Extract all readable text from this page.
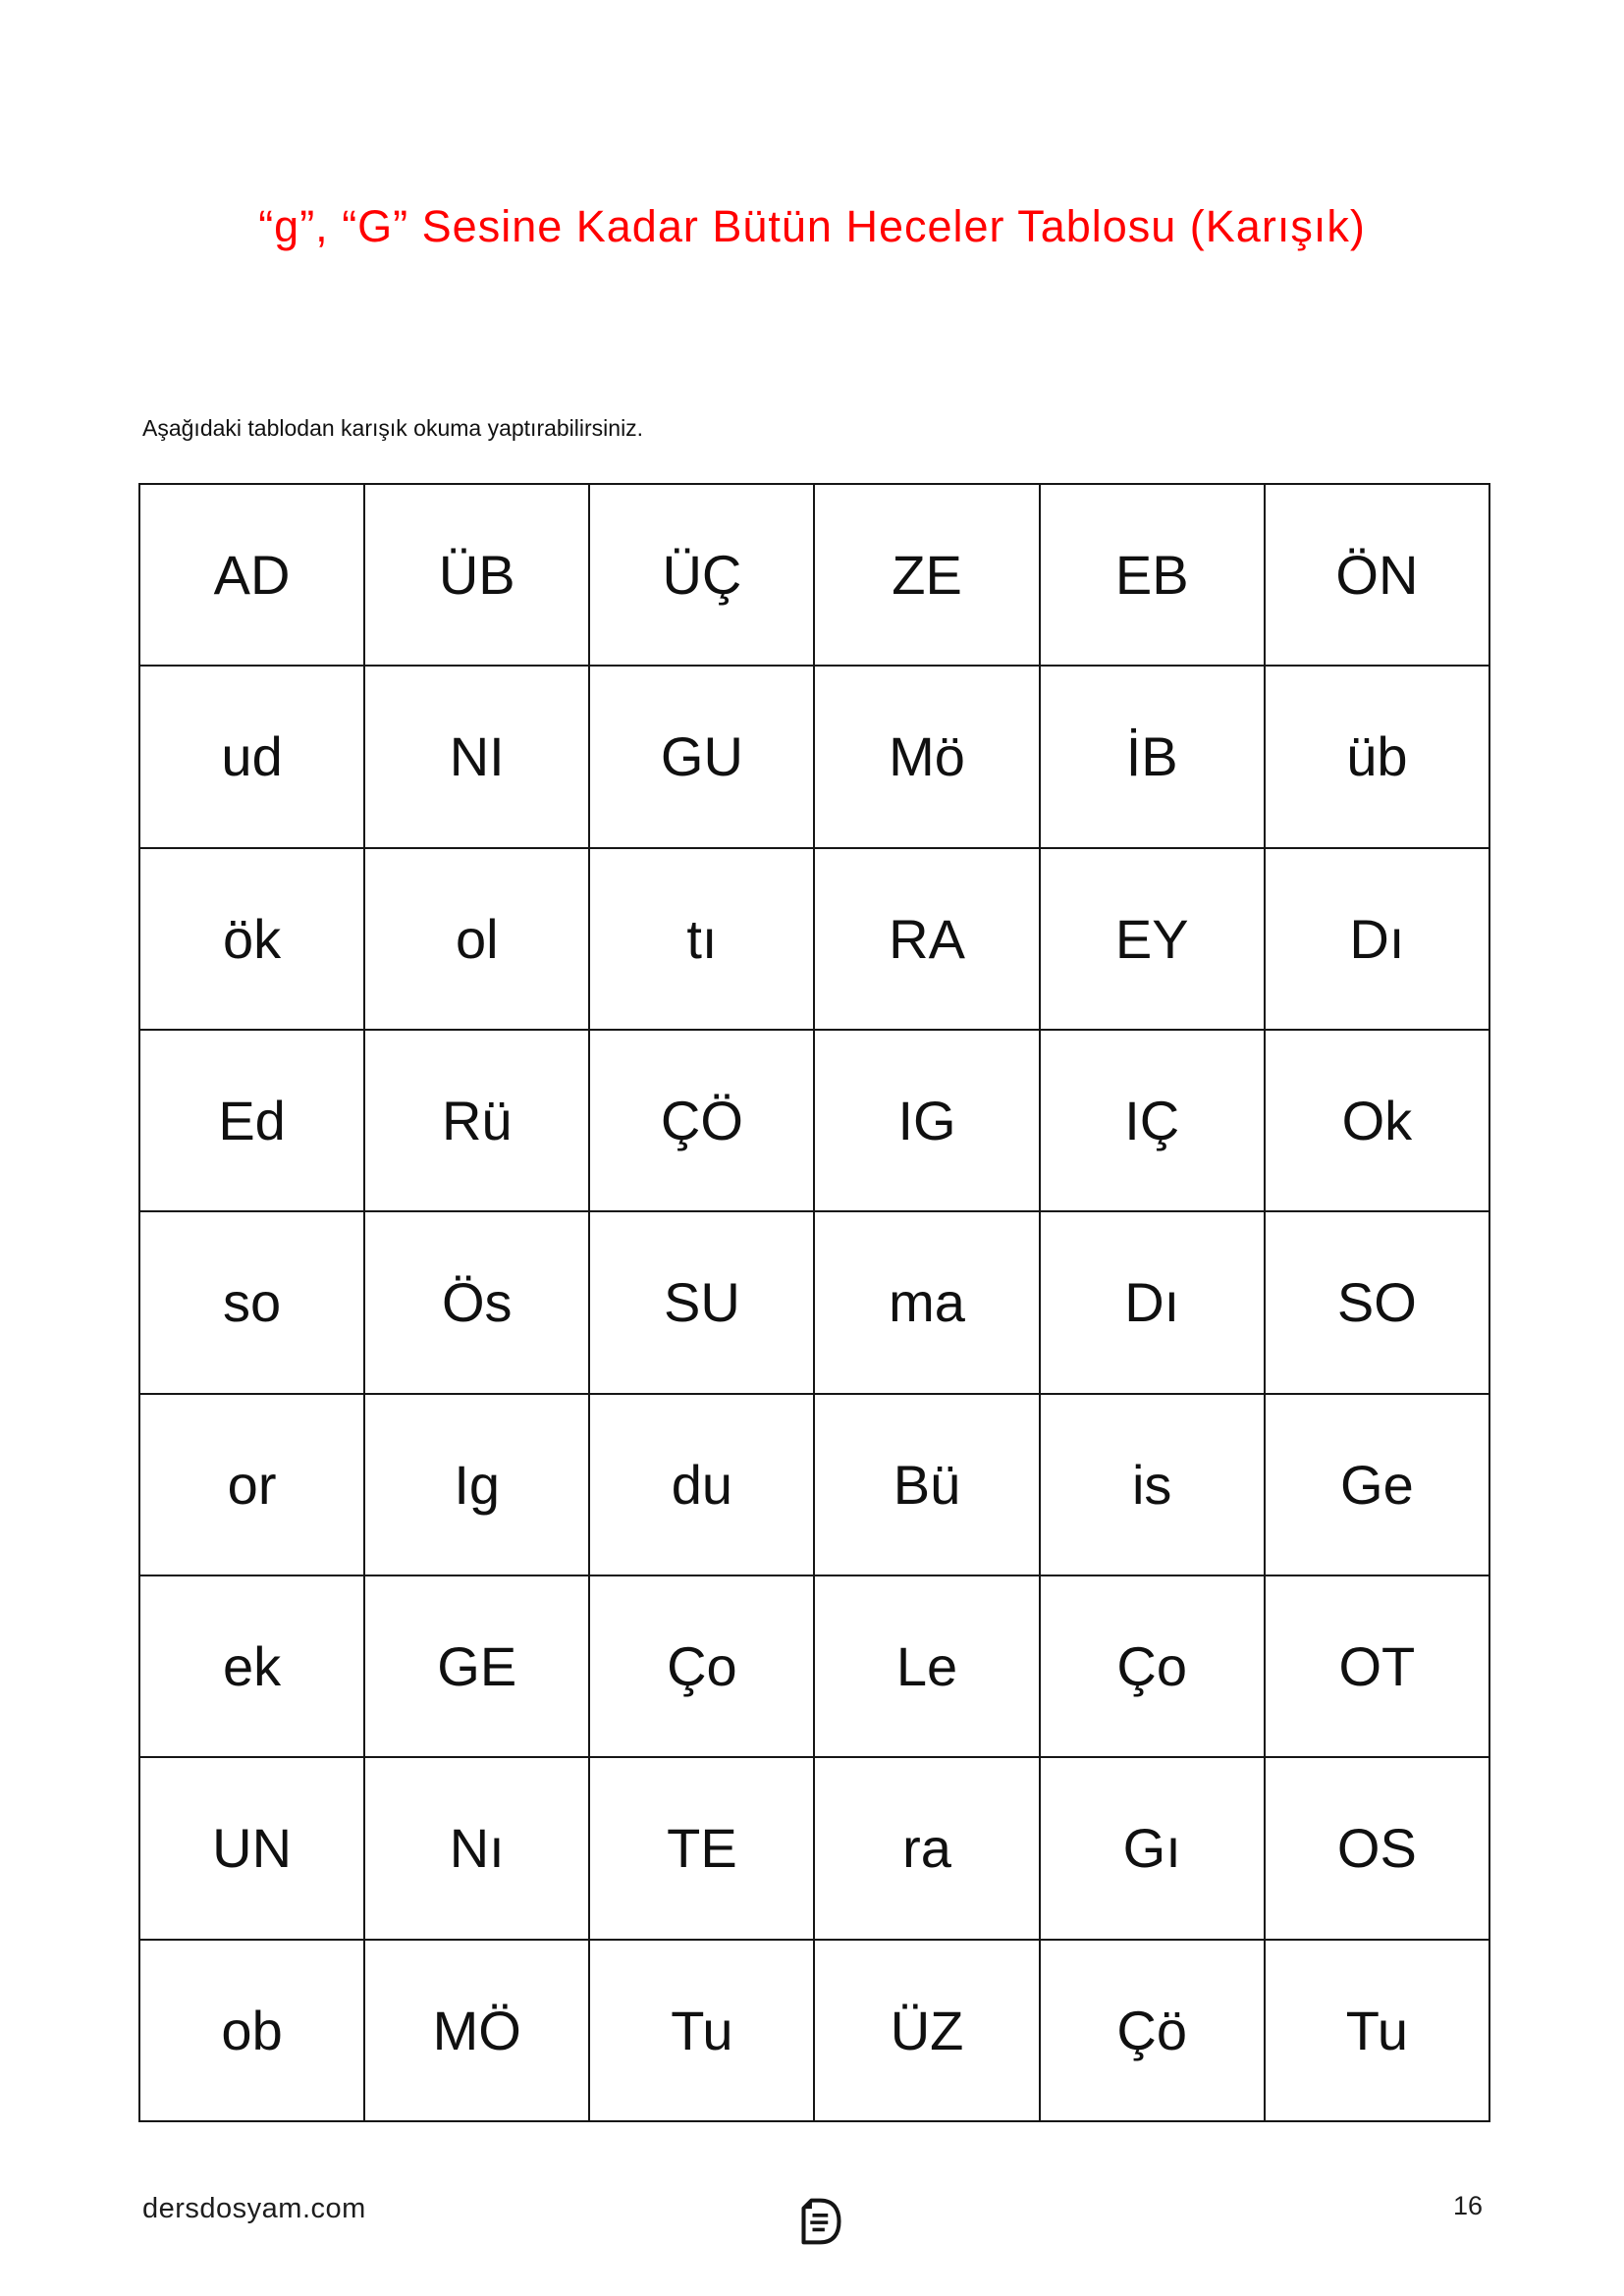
“g”, “G” Sesine Kadar Bütün Heceler Tablosu (Karışık)

Aşağıdaki tablodan karışık okuma yaptırabilirsiniz.

AD	ÜB	ÜÇ	ZE	EB	ÖN
ud	NI	GU	Mö	İB	üb
ök	ol	tı	RA	EY	Dı
Ed	Rü	ÇÖ	IG	IÇ	Ok
so	Ös	SU	ma	Dı	SO
or	Ig	du	Bü	is	Ge
ek	GE	Ço	Le	Ço	OT
UN	Nı	TE	ra	Gı	OS
ob	MÖ	Tu	ÜZ	Çö	Tu
dersdosyam.com	16
